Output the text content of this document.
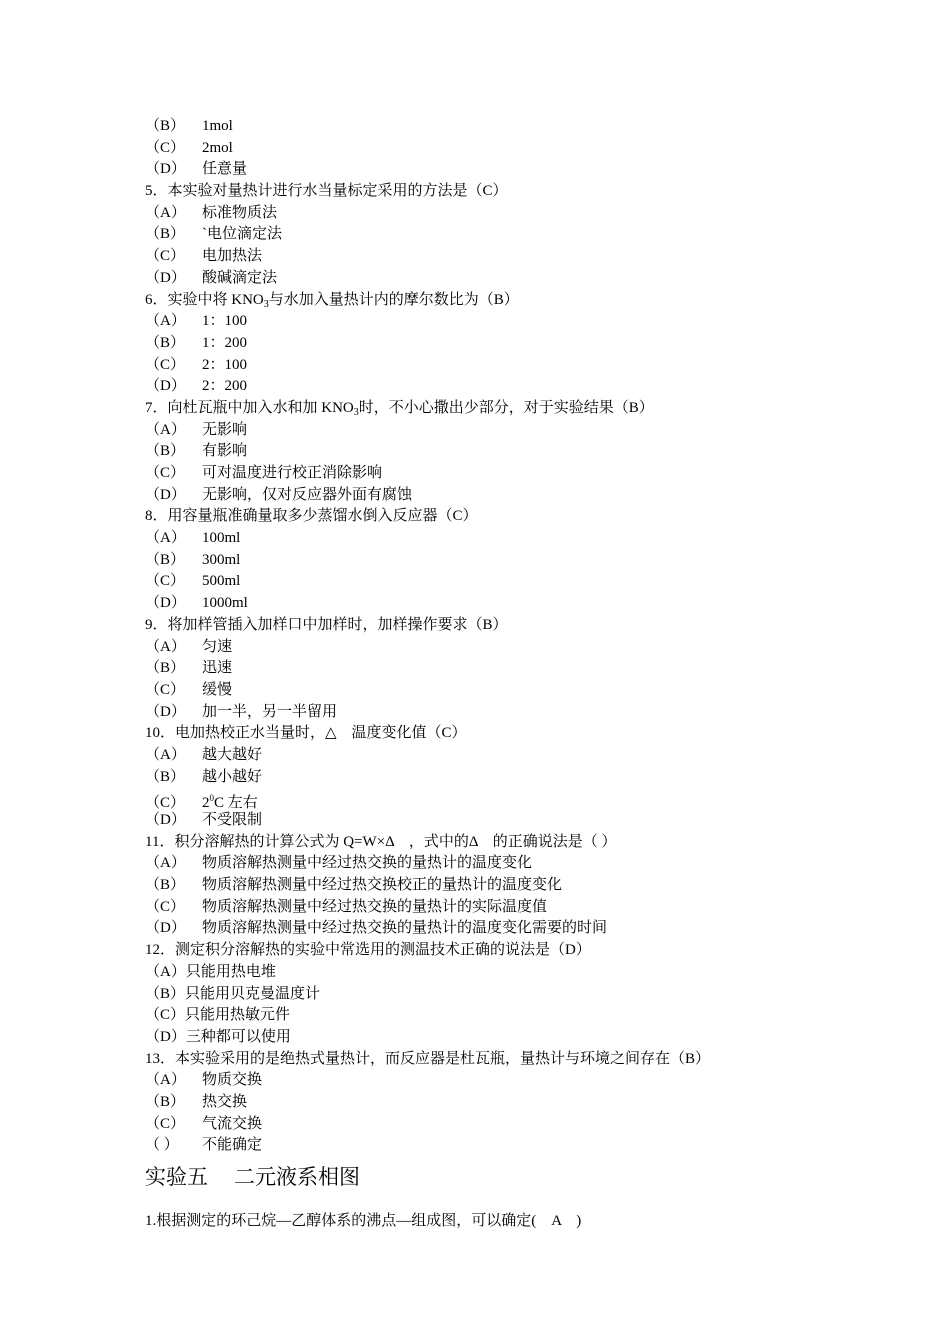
（B）	1mol
（C）	2mol
（D）	任意量
5．本实验对量热计进行水当量标定采用的方法是（C）
（A）	标准物质法
（B）	`电位滴定法
（C）	电加热法
（D）	酸碱滴定法
6．实验中将 $KNO_3$与水加入量热计内的摩尔数比为（B）
（A）	1：100
（B）	1：200
（C）	2：100
（D）	2：200
7．向杜瓦瓶中加入水和加 $KNO_3$时，不小心撒出少部分，对于实验结果（B）
（A）	无影响
（B）	有影响
（C）	可对温度进行校正消除影响
（D）	无影响，仅对反应器外面有腐蚀
8．用容量瓶准确量取多少蒸馏水倒入反应器（C）
（A）	100ml
（B）	300ml
（C）	500ml
（D）	1000ml
9．将加样管插入加样口中加样时，加样操作要求（B）
（A）	匀速
（B）	迅速
（C）	缓慢
（D）	加一半，另一半留用
10．电加热校正水当量时，△　温度变化值（C）
（A）	越大越好
（B）	越小越好
（C）	$2^0C$ 左右
（D）	不受限制
11．积分溶解热的计算公式为 Q=W×Δ　，式中的Δ　的正确说法是（ ）
（A）	物质溶解热测量中经过热交换的量热计的温度变化
（B）	物质溶解热测量中经过热交换校正的量热计的温度变化
（C）	物质溶解热测量中经过热交换的量热计的实际温度值
（D）	物质溶解热测量中经过热交换的量热计的温度变化需要的时间
12．测定积分溶解热的实验中常选用的测温技术正确的说法是（D）
（A）只能用热电堆
（B）只能用贝克曼温度计
（C）只能用热敏元件
（D）三种都可以使用
13．本实验采用的是绝热式量热计，而反应器是杜瓦瓶，量热计与环境之间存在（B）
（A）	物质交换
（B）	热交换
（C）	气流交换
（ ）	不能确定
实验五 二元液系相图
1.根据测定的环己烷—乙醇体系的沸点—组成图，可以确定(　A　)
